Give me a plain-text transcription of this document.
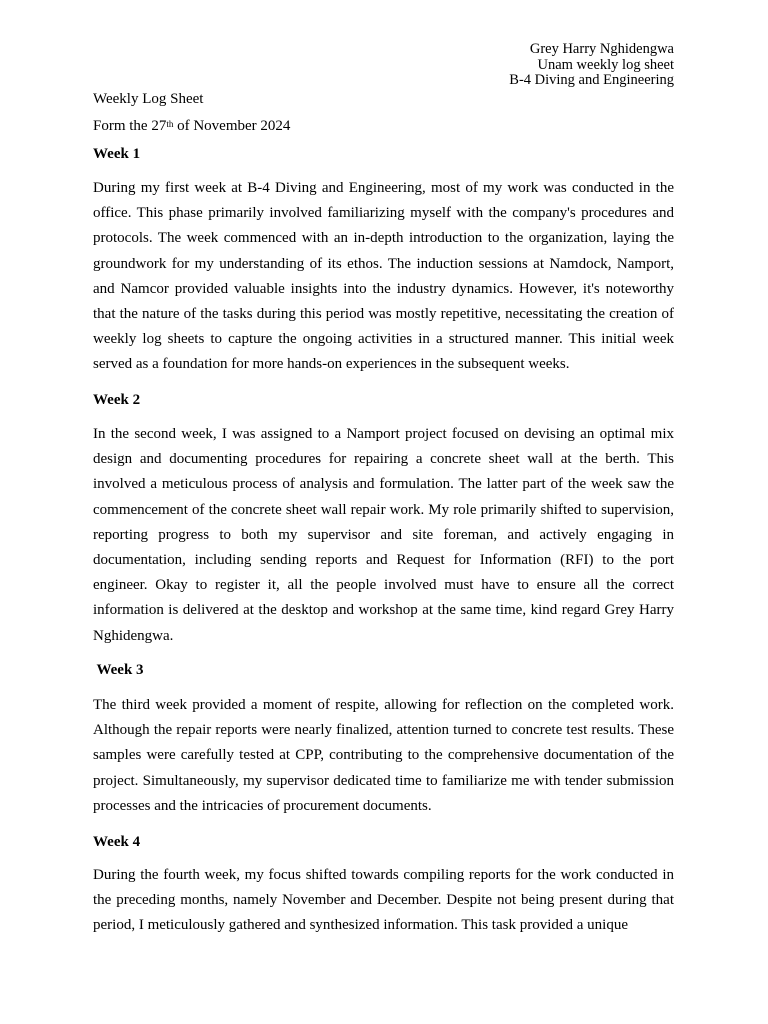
Grey Harry Nghidengwa
Unam weekly log sheet
B-4 Diving and Engineering
Weekly Log Sheet
Form the 27th of November 2024
Week 1

During my first week at B-4 Diving and Engineering, most of my work was conducted in the office. This phase primarily involved familiarizing myself with the company's procedures and protocols. The week commenced with an in-depth introduction to the organization, laying the groundwork for my understanding of its ethos. The induction sessions at Namdock, Namport, and Namcor provided valuable insights into the industry dynamics. However, it's noteworthy that the nature of the tasks during this period was mostly repetitive, necessitating the creation of weekly log sheets to capture the ongoing activities in a structured manner. This initial week served as a foundation for more hands-on experiences in the subsequent weeks.

Week 2

In the second week, I was assigned to a Namport project focused on devising an optimal mix design and documenting procedures for repairing a concrete sheet wall at the berth. This involved a meticulous process of analysis and formulation. The latter part of the week saw the commencement of the concrete sheet wall repair work. My role primarily shifted to supervision, reporting progress to both my supervisor and site foreman, and actively engaging in documentation, including sending reports and Request for Information (RFI) to the port engineer. Okay to register it, all the people involved must have to ensure all the correct information is delivered at the desktop and workshop at the same time, kind regard Grey Harry Nghidengwa.

Week 3

The third week provided a moment of respite, allowing for reflection on the completed work. Although the repair reports were nearly finalized, attention turned to concrete test results. These samples were carefully tested at CPP, contributing to the comprehensive documentation of the project. Simultaneously, my supervisor dedicated time to familiarize me with tender submission processes and the intricacies of procurement documents.

Week 4

During the fourth week, my focus shifted towards compiling reports for the work conducted in the preceding months, namely November and December. Despite not being present during that period, I meticulously gathered and synthesized information. This task provided a unique
